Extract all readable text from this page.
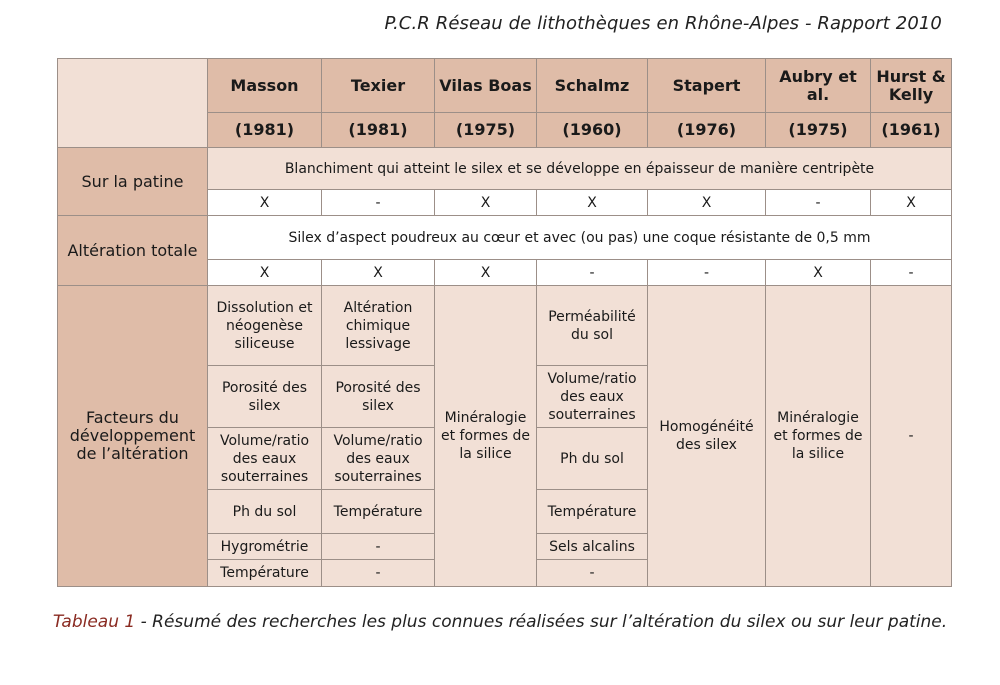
P.C.R Réseau de lithothèques en Rhône-Alpes - Rapport 2010
	Masson	Texier	Vilas Boas	Schalmz	Stapert	Aubry et al.	Hurst & Kelly
	(1981)	(1981)	(1975)	(1960)	(1976)	(1975)	(1961)
Sur la patine	Blanchiment qui atteint le silex et se développe en épaisseur de manière centripète						
	X	-	X	X	X	-	X
Altération totale	Silex d’aspect poudreux au cœur et avec (ou pas) une coque résistante de 0,5 mm						
	X	X	X	-	-	X	-
Facteurs du développement de l’altération	Dissolution et néogenèse siliceuse	Altération chimique lessivage	Minéralogie et formes de la silice	Perméabilité du sol	Homogénéité des silex	Minéralogie et formes de la silice	-
	Porosité des silex	Porosité des silex		Volume/ratio des eaux souterraines			
	Volume/ratio des eaux souterraines	Volume/ratio des eaux souterraines		Ph du sol			
	Ph du sol	Température		Température			
	Hygrométrie	-		Sels alcalins			
	Température	-		-			
Tableau 1 - Résumé des recherches les plus connues réalisées sur l’altération du silex ou sur leur patine.
